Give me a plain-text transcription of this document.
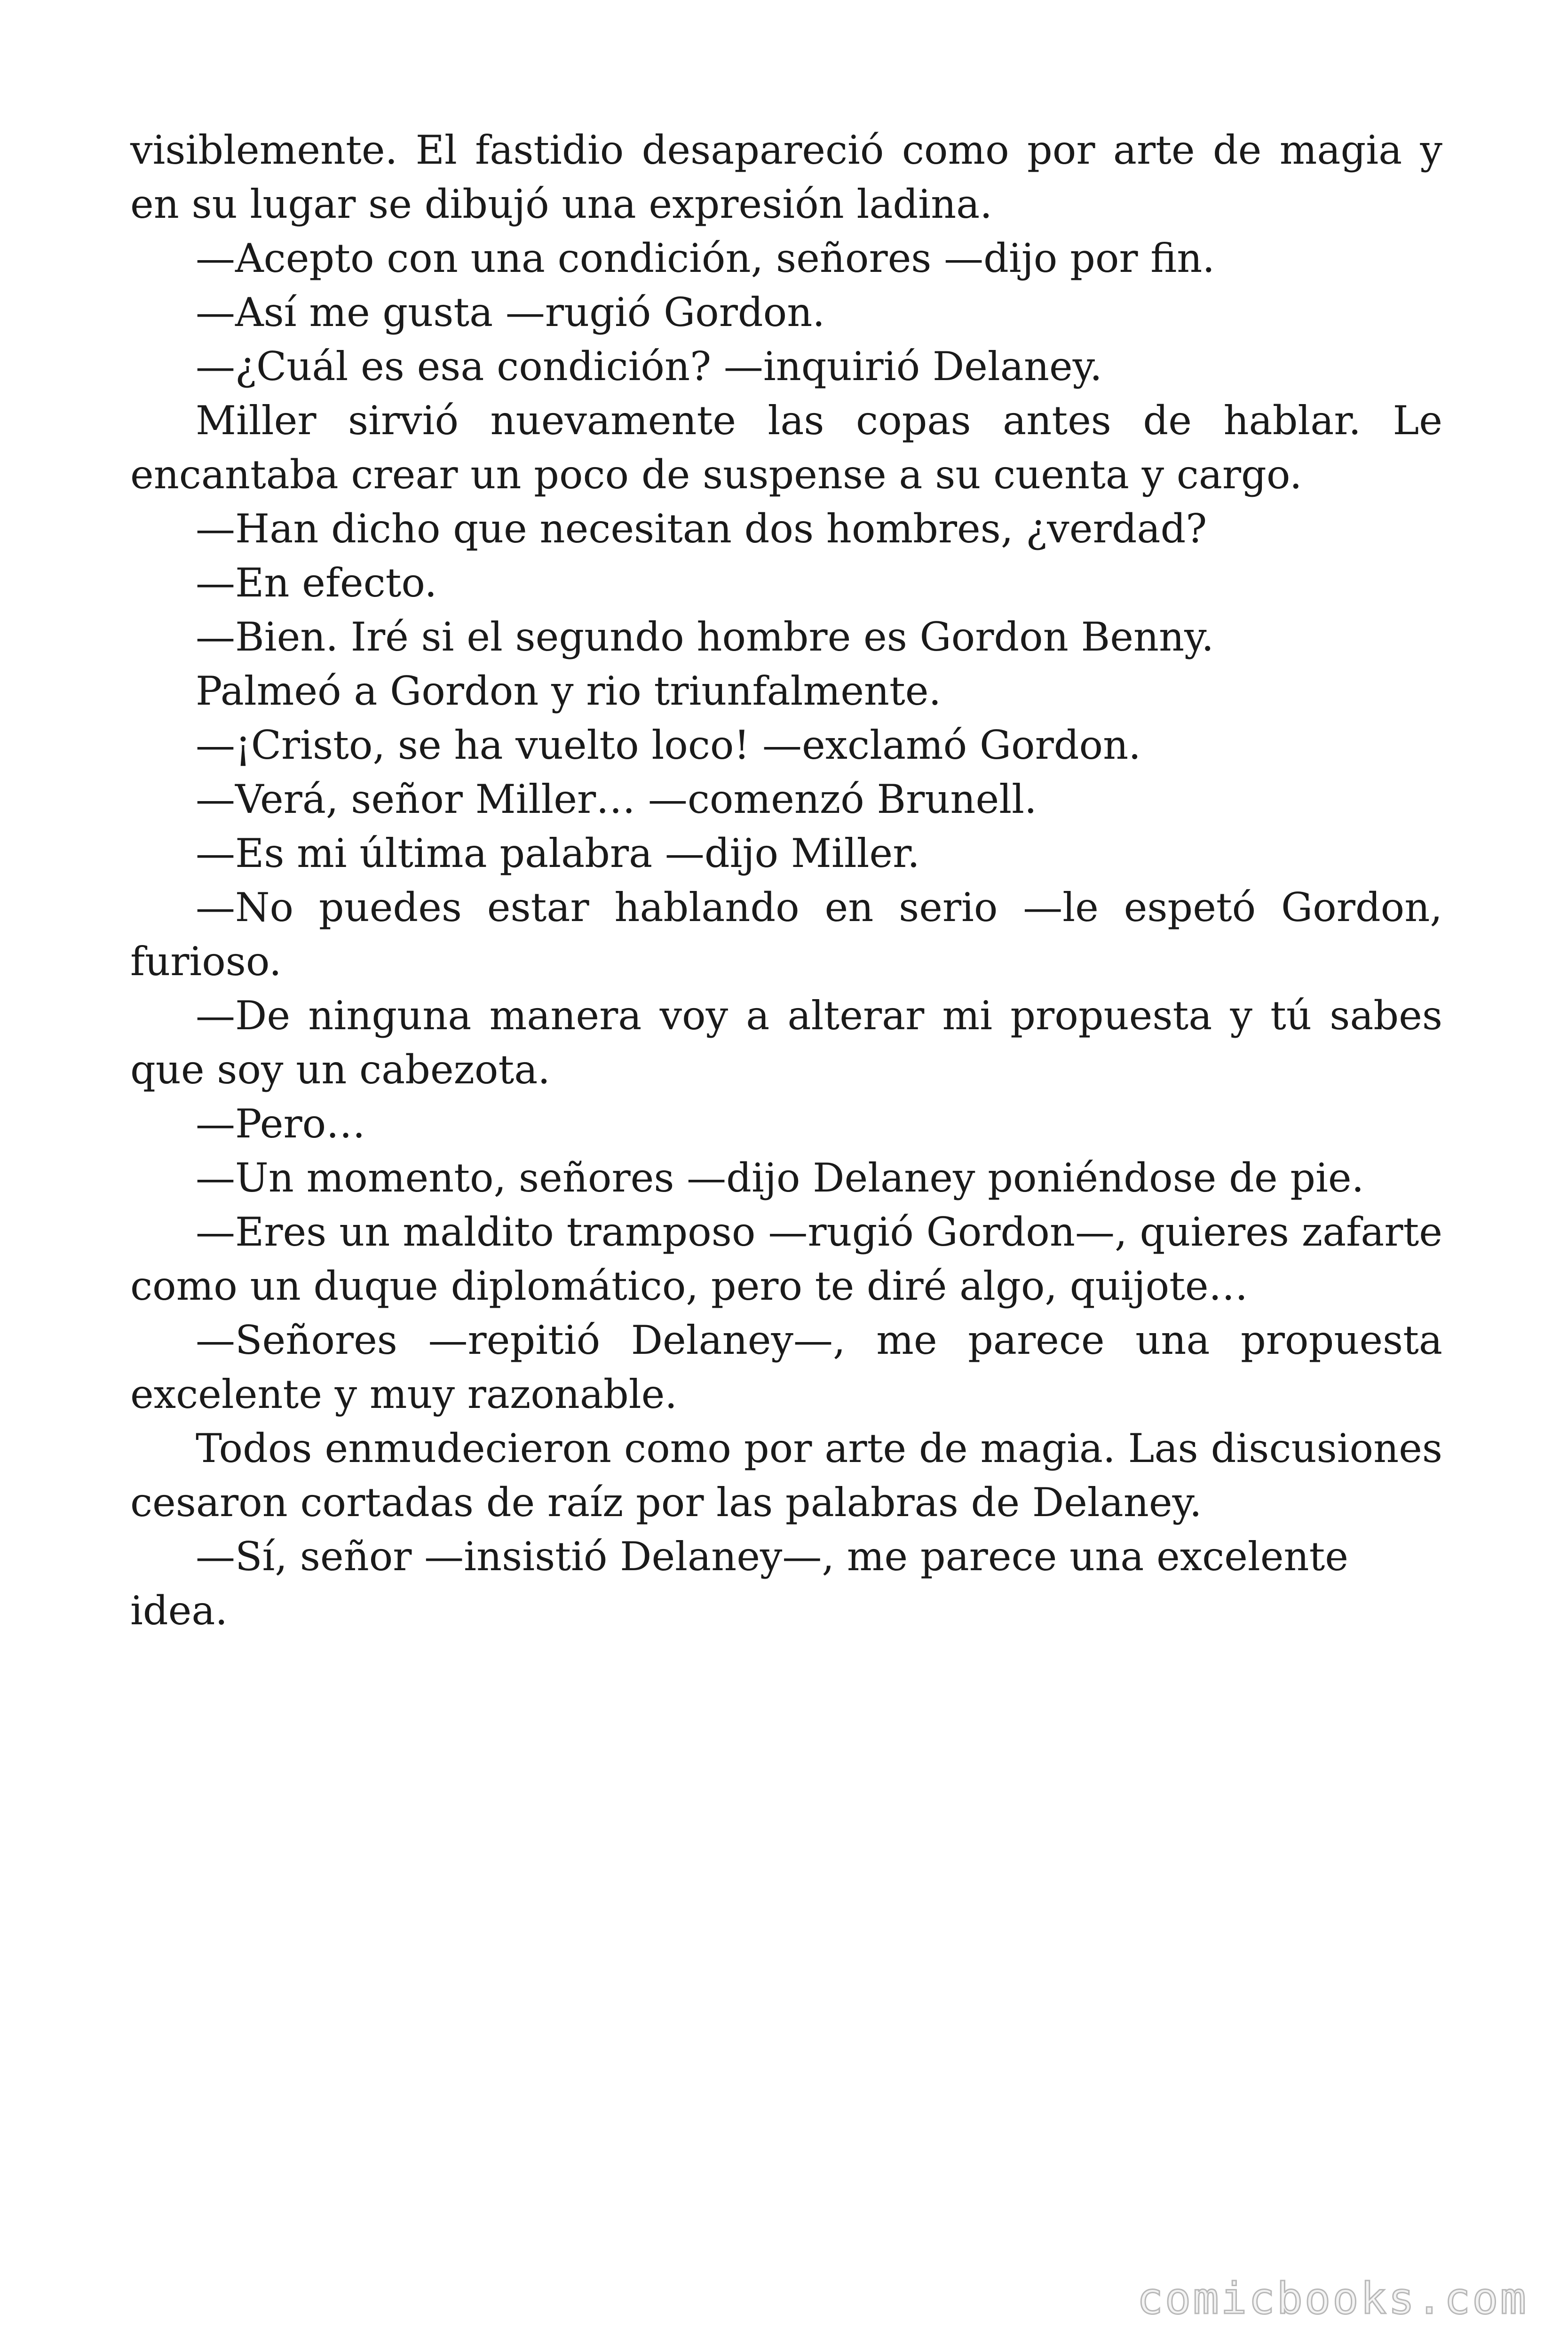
visiblemente. El fastidio desapareció como por arte de magia y en su lugar se dibujó una expresión ladina.

—Acepto con una condición, señores —dijo por fin.

—Así me gusta —rugió Gordon.

—¿Cuál es esa condición? —inquirió Delaney.

Miller sirvió nuevamente las copas antes de hablar. Le encantaba crear un poco de suspense a su cuenta y cargo.

—Han dicho que necesitan dos hombres, ¿verdad?

—En efecto.

—Bien. Iré si el segundo hombre es Gordon Benny.

Palmeó a Gordon y rio triunfalmente.

—¡Cristo, se ha vuelto loco! —exclamó Gordon.

—Verá, señor Miller… —comenzó Brunell.

—Es mi última palabra —dijo Miller.

—No puedes estar hablando en serio —le espetó Gordon, furioso.

—De ninguna manera voy a alterar mi propuesta y tú sabes que soy un cabezota.

—Pero…

—Un momento, señores —dijo Delaney poniéndose de pie.

—Eres un maldito tramposo —rugió Gordon—, quieres zafarte como un duque diplomático, pero te diré algo, quijote…

—Señores —repitió Delaney—, me parece una propuesta excelente y muy razonable.

Todos enmudecieron como por arte de magia. Las discusiones cesaron cortadas de raíz por las palabras de Delaney.

—Sí, señor —insistió Delaney—, me parece una excelente idea.

comicbooks.com
